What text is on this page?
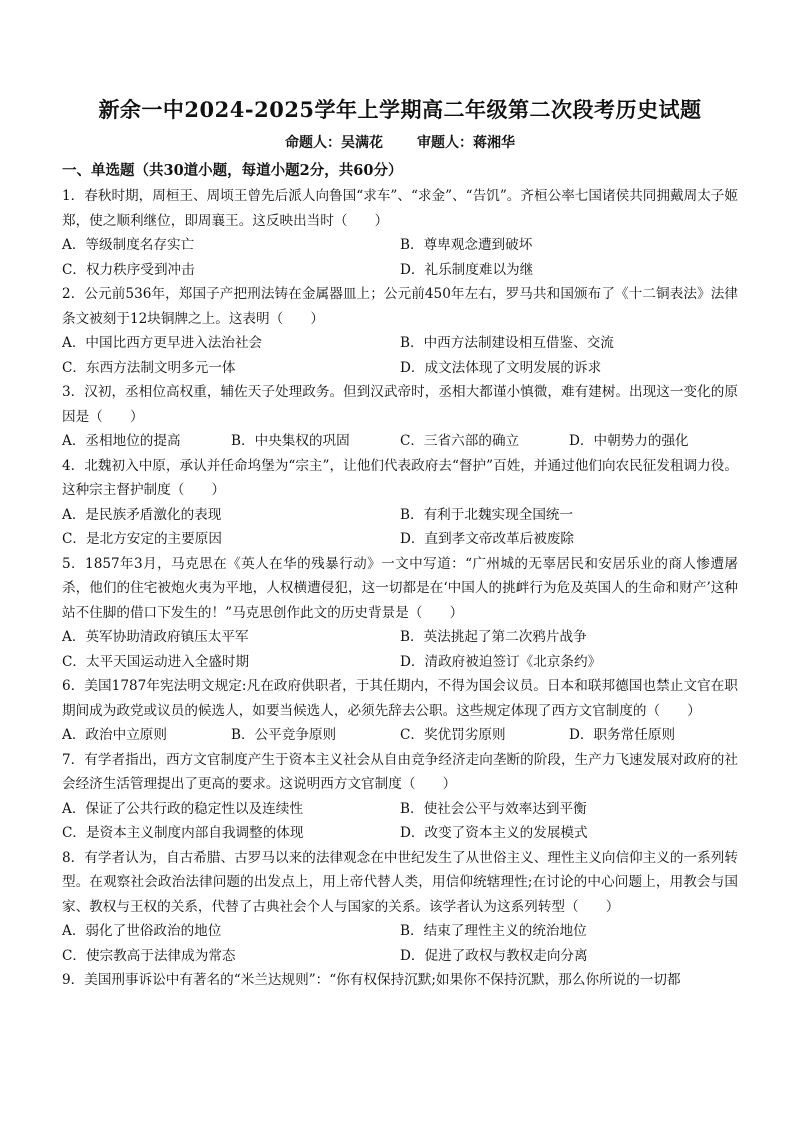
新余一中2024-2025学年上学期高二年级第二次段考历史试题
命题人：吴满花 审题人：蒋湘华
一、单选题（共30道小题，每道小题2分，共60分）
1．春秋时期，周桓王、周顷王曾先后派人向鲁国“求车”、“求金”、“告饥”。齐桓公率七国诸侯共同拥戴周太子姬郑，使之顺利继位，即周襄王。这反映出当时（　　）
A．等级制度名存实亡	B．尊卑观念遭到破坏
C．权力秩序受到冲击	D．礼乐制度难以为继
2．公元前536年，郑国子产把刑法铸在金属器皿上；公元前450年左右，罗马共和国颁布了《十二铜表法》法律条文被刻于12块铜牌之上。这表明（　　）
A．中国比西方更早进入法治社会	B．中西方法制建设相互借鉴、交流
C．东西方法制文明多元一体	D．成文法体现了文明发展的诉求
3．汉初，丞相位高权重，辅佐天子处理政务。但到汉武帝时，丞相大都谨小慎微，难有建树。出现这一变化的原因是（　　）
A．丞相地位的提高	B．中央集权的巩固	C．三省六部的确立	D．中朝势力的强化
4．北魏初入中原，承认并任命坞堡为“宗主”，让他们代表政府去“督护”百姓，并通过他们向农民征发租调力役。这种宗主督护制度（　　）
A．是民族矛盾激化的表现	B．有利于北魏实现全国统一
C．是北方安定的主要原因	D．直到孝文帝改革后被废除
5．1857年3月，马克思在《英人在华的残暴行动》一文中写道：“广州城的无辜居民和安居乐业的商人惨遭屠杀，他们的住宅被炮火夷为平地，人权横遭侵犯，这一切都是在‘中国人的挑衅行为危及英国人的生命和财产’这种站不住脚的借口下发生的！”马克思创作此文的历史背景是（　　）
A．英军协助清政府镇压太平军	B．英法挑起了第二次鸦片战争
C．太平天国运动进入全盛时期	D．清政府被迫签订《北京条约》
6．美国1787年宪法明文规定:凡在政府供职者，于其任期内，不得为国会议员。日本和联邦德国也禁止文官在职期间成为政党或议员的候选人，如要当候选人，必须先辞去公职。这些规定体现了西方文官制度的（　　）
A．政治中立原则	B．公平竞争原则	C．奖优罚劣原则	D．职务常任原则
7．有学者指出，西方文官制度产生于资本主义社会从自由竞争经济走向垄断的阶段，生产力飞速发展对政府的社会经济生活管理提出了更高的要求。这说明西方文官制度（　　）
A．保证了公共行政的稳定性以及连续性	B．使社会公平与效率达到平衡
C．是资本主义制度内部自我调整的体现	D．改变了资本主义的发展模式
8．有学者认为，自古希腊、古罗马以来的法律观念在中世纪发生了从世俗主义、理性主义向信仰主义的一系列转型。在观察社会政治法律问题的出发点上，用上帝代替人类，用信仰统辖理性;在讨论的中心问题上，用教会与国家、教权与王权的关系，代替了古典社会个人与国家的关系。该学者认为这系列转型（　　）
A．弱化了世俗政治的地位	B．结束了理性主义的统治地位
C．使宗教高于法律成为常态	D．促进了政权与教权走向分离
9．美国刑事诉讼中有著名的“米兰达规则”：“你有权保持沉默;如果你不保持沉默，那么你所说的一切都
